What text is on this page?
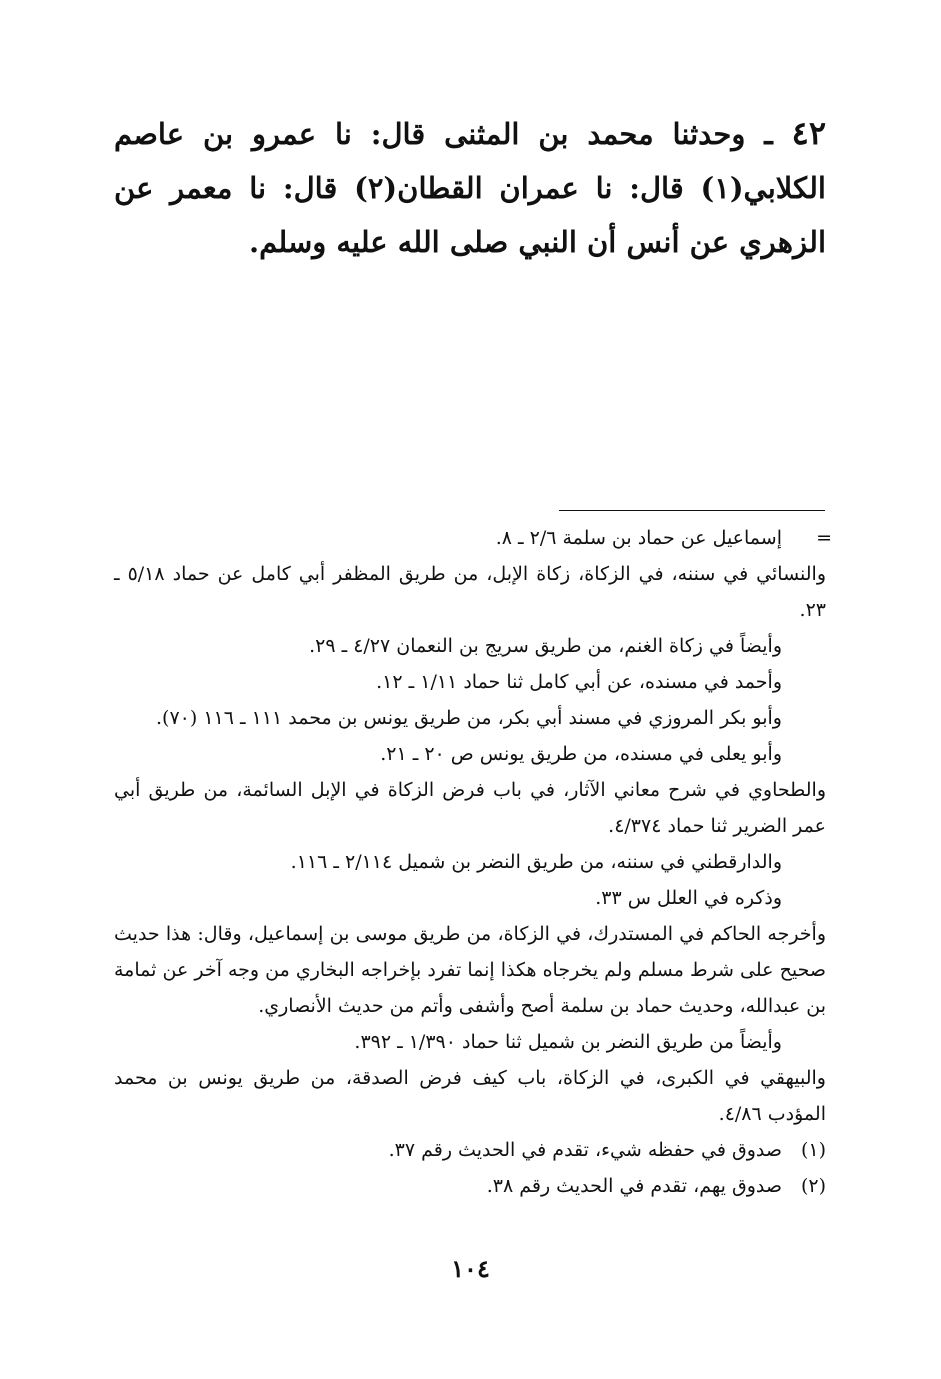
٤٢ ـ وحدثنا محمد بن المثنى قال: نا عمرو بن عاصم الكلابي(١) قال: نا عمران القطان(٢) قال: نا معمر عن الزهري عن أنس أن النبي صلى الله عليه وسلم.
=
إسماعيل عن حماد بن سلمة ٢/٦ ـ ٨.
والنسائي في سننه، في الزكاة، زكاة الإبل، من طريق المظفر أبي كامل عن حماد ٥/١٨ ـ ٢٣.
وأيضاً في زكاة الغنم، من طريق سريج بن النعمان ٤/٢٧ ـ ٢٩.
وأحمد في مسنده، عن أبي كامل ثنا حماد ١/١١ ـ ١٢.
وأبو بكر المروزي في مسند أبي بكر، من طريق يونس بن محمد ١١١ ـ ١١٦ (٧٠).
وأبو يعلى في مسنده، من طريق يونس ص ٢٠ ـ ٢١.
والطحاوي في شرح معاني الآثار، في باب فرض الزكاة في الإبل السائمة، من طريق أبي عمر الضرير ثنا حماد ٤/٣٧٤.
والدارقطني في سننه، من طريق النضر بن شميل ٢/١١٤ ـ ١١٦.
وذكره في العلل س ٣٣.
وأخرجه الحاكم في المستدرك، في الزكاة، من طريق موسى بن إسماعيل، وقال: هذا حديث صحيح على شرط مسلم ولم يخرجاه هكذا إنما تفرد بإخراجه البخاري من وجه آخر عن ثمامة بن عبدالله، وحديث حماد بن سلمة أصح وأشفى وأتم من حديث الأنصاري.
وأيضاً من طريق النضر بن شميل ثنا حماد ١/٣٩٠ ـ ٣٩٢.
والبيهقي في الكبرى، في الزكاة، باب كيف فرض الصدقة، من طريق يونس بن محمد المؤدب ٤/٨٦.
(١)
صدوق في حفظه شيء، تقدم في الحديث رقم ٣٧.
(٢)
صدوق يهم، تقدم في الحديث رقم ٣٨.
١٠٤
